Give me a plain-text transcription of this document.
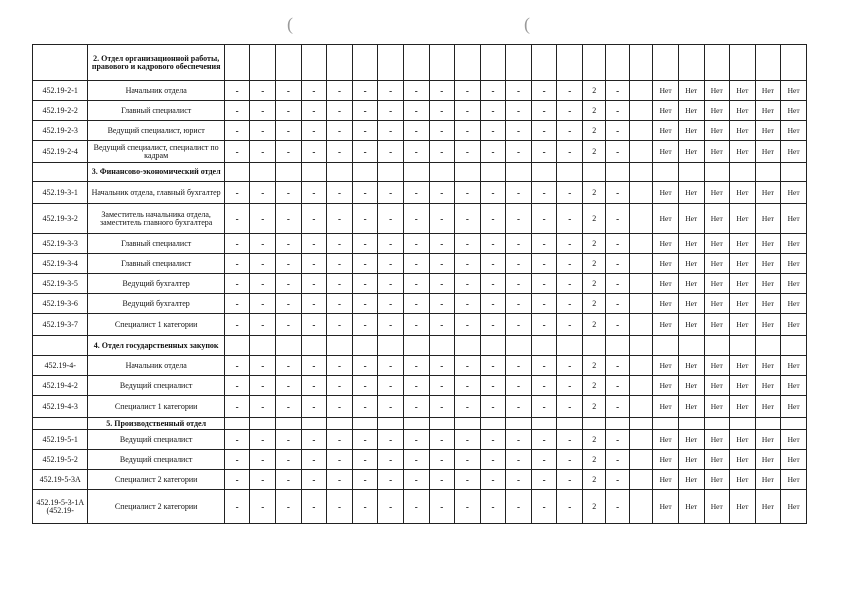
(	(
	2. Отдел организационной работы, правового и кадрового обеспечения																							
452.19-2-1	Начальник отдела	-	-	-	-	-	-	-	-	-	-	-	-	-	-	2	-		Нет	Нет	Нет	Нет	Нет	Нет
452.19-2-2	Главный специалист	-	-	-	-	-	-	-	-	-	-	-	-	-	-	2	-		Нет	Нет	Нет	Нет	Нет	Нет
452.19-2-3	Ведущий специалист, юрист	-	-	-	-	-	-	-	-	-	-	-	-	-	-	2	-		Нет	Нет	Нет	Нет	Нет	Нет
452.19-2-4	Ведущий специалист, специалист по кадрам	-	-	-	-	-	-	-	-	-	-	-	-	-	-	2	-		Нет	Нет	Нет	Нет	Нет	Нет
	3. Финансово-экономический отдел																							
452.19-3-1	Начальник отдела, главный бухгалтер	-	-	-	-	-	-	-	-	-	-	-	-	-	-	2	-		Нет	Нет	Нет	Нет	Нет	Нет
452.19-3-2	Заместитель начальника отдела, заместитель главного бухгалтера	-	-	-	-	-	-	-	-	-	-	-	-	-	-	2	-		Нет	Нет	Нет	Нет	Нет	Нет
452.19-3-3	Главный специалист	-	-	-	-	-	-	-	-	-	-	-	-	-	-	2	-		Нет	Нет	Нет	Нет	Нет	Нет
452.19-3-4	Главный специалист	-	-	-	-	-	-	-	-	-	-	-	-	-	-	2	-		Нет	Нет	Нет	Нет	Нет	Нет
452.19-3-5	Ведущий бухгалтер	-	-	-	-	-	-	-	-	-	-	-	-	-	-	2	-		Нет	Нет	Нет	Нет	Нет	Нет
452.19-3-6	Ведущий бухгалтер	-	-	-	-	-	-	-	-	-	-	-	-	-	-	2	-		Нет	Нет	Нет	Нет	Нет	Нет
452.19-3-7	Специалист 1 категории	-	-	-	-	-	-	-	-	-	-	-	-	-	-	2	-		Нет	Нет	Нет	Нет	Нет	Нет
	4. Отдел государственных закупок																							
452.19-4-	Начальник отдела	-	-	-	-	-	-	-	-	-	-	-	-	-	-	2	-		Нет	Нет	Нет	Нет	Нет	Нет
452.19-4-2	Ведущий специалист	-	-	-	-	-	-	-	-	-	-	-	-	-	-	2	-		Нет	Нет	Нет	Нет	Нет	Нет
452.19-4-3	Специалист 1 категории	-	-	-	-	-	-	-	-	-	-	-	-	-	-	2	-		Нет	Нет	Нет	Нет	Нет	Нет
	5. Производственный отдел																							
452.19-5-1	Ведущий специалист	-	-	-	-	-	-	-	-	-	-	-	-	-	-	2	-		Нет	Нет	Нет	Нет	Нет	Нет
452.19-5-2	Ведущий специалист	-	-	-	-	-	-	-	-	-	-	-	-	-	-	2	-		Нет	Нет	Нет	Нет	Нет	Нет
452.19-5-3А	Специалист 2 категории	-	-	-	-	-	-	-	-	-	-	-	-	-	-	2	-		Нет	Нет	Нет	Нет	Нет	Нет
452.19-5-3-1А (452.19-	Специалист 2 категории	-	-	-	-	-	-	-	-	-	-	-	-	-	-	2	-		Нет	Нет	Нет	Нет	Нет	Нет
